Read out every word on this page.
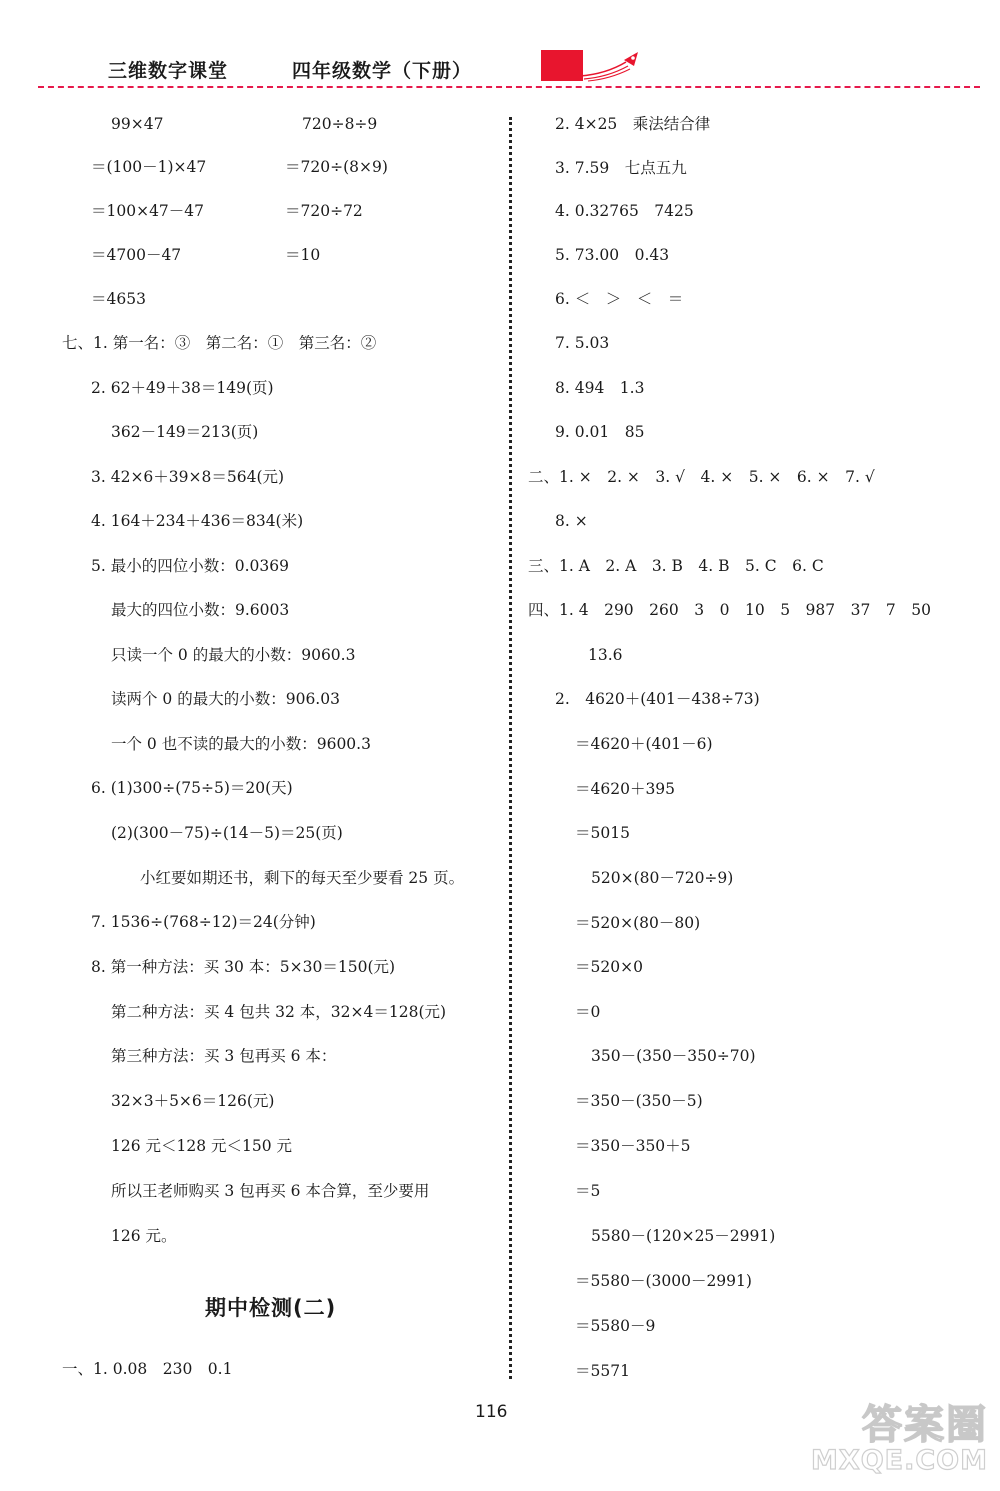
三维数字课堂	四年级数学（下册）
99×47	720÷8÷9
＝(100－1)×47	＝720÷(8×9)
＝100×47－47	＝720÷72
＝4700－47	＝10
＝4653
七、1. 第一名：③　第二名：①　第三名：②
2. 62＋49＋38＝149(页)
362－149＝213(页)
3. 42×6＋39×8＝564(元)
4. 164＋234＋436＝834(米)
5. 最小的四位小数：0.0369
最大的四位小数：9.6003
只读一个 0 的最大的小数：9060.3
读两个 0 的最大的小数：906.03
一个 0 也不读的最大的小数：9600.3
6. (1)300÷(75÷5)＝20(天)
(2)(300－75)÷(14－5)＝25(页)
小红要如期还书，剩下的每天至少要看 25 页。
7. 1536÷(768÷12)＝24(分钟)
8. 第一种方法：买 30 本：5×30＝150(元)
第二种方法：买 4 包共 32 本，32×4＝128(元)
第三种方法：买 3 包再买 6 本：
32×3＋5×6＝126(元)
126 元＜128 元＜150 元
所以王老师购买 3 包再买 6 本合算，至少要用
126 元。
期中检测(二)
一、1. 0.08　230　0.1
2. 4×25　乘法结合律
3. 7.59　七点五九
4. 0.32765　7425
5. 73.00　0.43
6. ＜　＞　＜　＝
7. 5.03
8. 494　1.3
9. 0.01　85
二、1. ×　2. ×　3. √　4. ×　5. ×　6. ×　7. √
8. ×
三、1. A　2. A　3. B　4. B　5. C　6. C
四、1. 4　290　260　3　0　10　5　987　37　7　50
13.6
2.　4620＋(401－438÷73)
＝4620＋(401－6)
＝4620＋395
＝5015
520×(80－720÷9)
＝520×(80－80)
＝520×0
＝0
350－(350－350÷70)
＝350－(350－5)
＝350－350＋5
＝5
5580－(120×25－2991)
＝5580－(3000－2991)
＝5580－9
＝5571
116	答案圈
MXQE.COM
